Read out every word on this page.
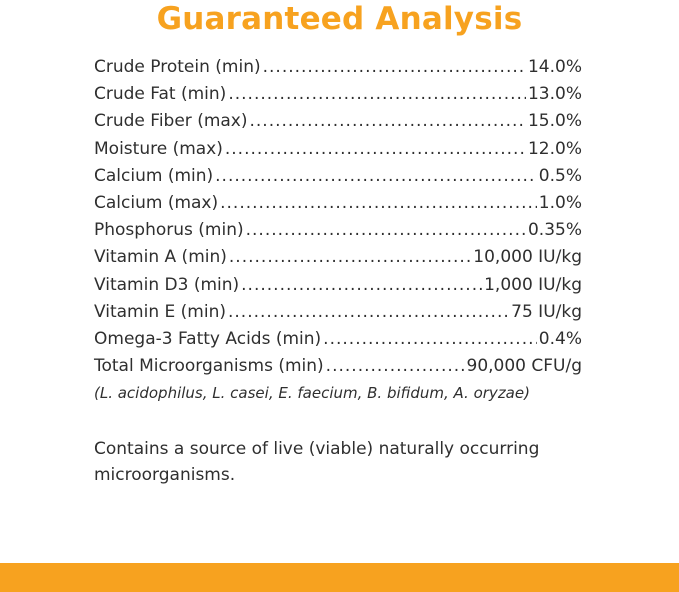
Guaranteed Analysis
Crude Protein (min) .....	14.0%
Crude Fat (min) .....	13.0%
Crude Fiber (max) .....	15.0%
Moisture (max) .....	12.0%
Calcium (min) .....	0.5%
Calcium (max) .....	1.0%
Phosphorus (min) .....	0.35%
Vitamin A (min) .....	10,000 IU/kg
Vitamin D3 (min) .....	1,000 IU/kg
Vitamin E (min) .....	75 IU/kg
Omega-3 Fatty Acids (min) .....	0.4%
Total Microorganisms (min) .....	90,000 CFU/g
(L. acidophilus, L. casei, E. faecium, B. bifidum, A. oryzae)
Contains a source of live (viable) naturally occurring microorganisms.
